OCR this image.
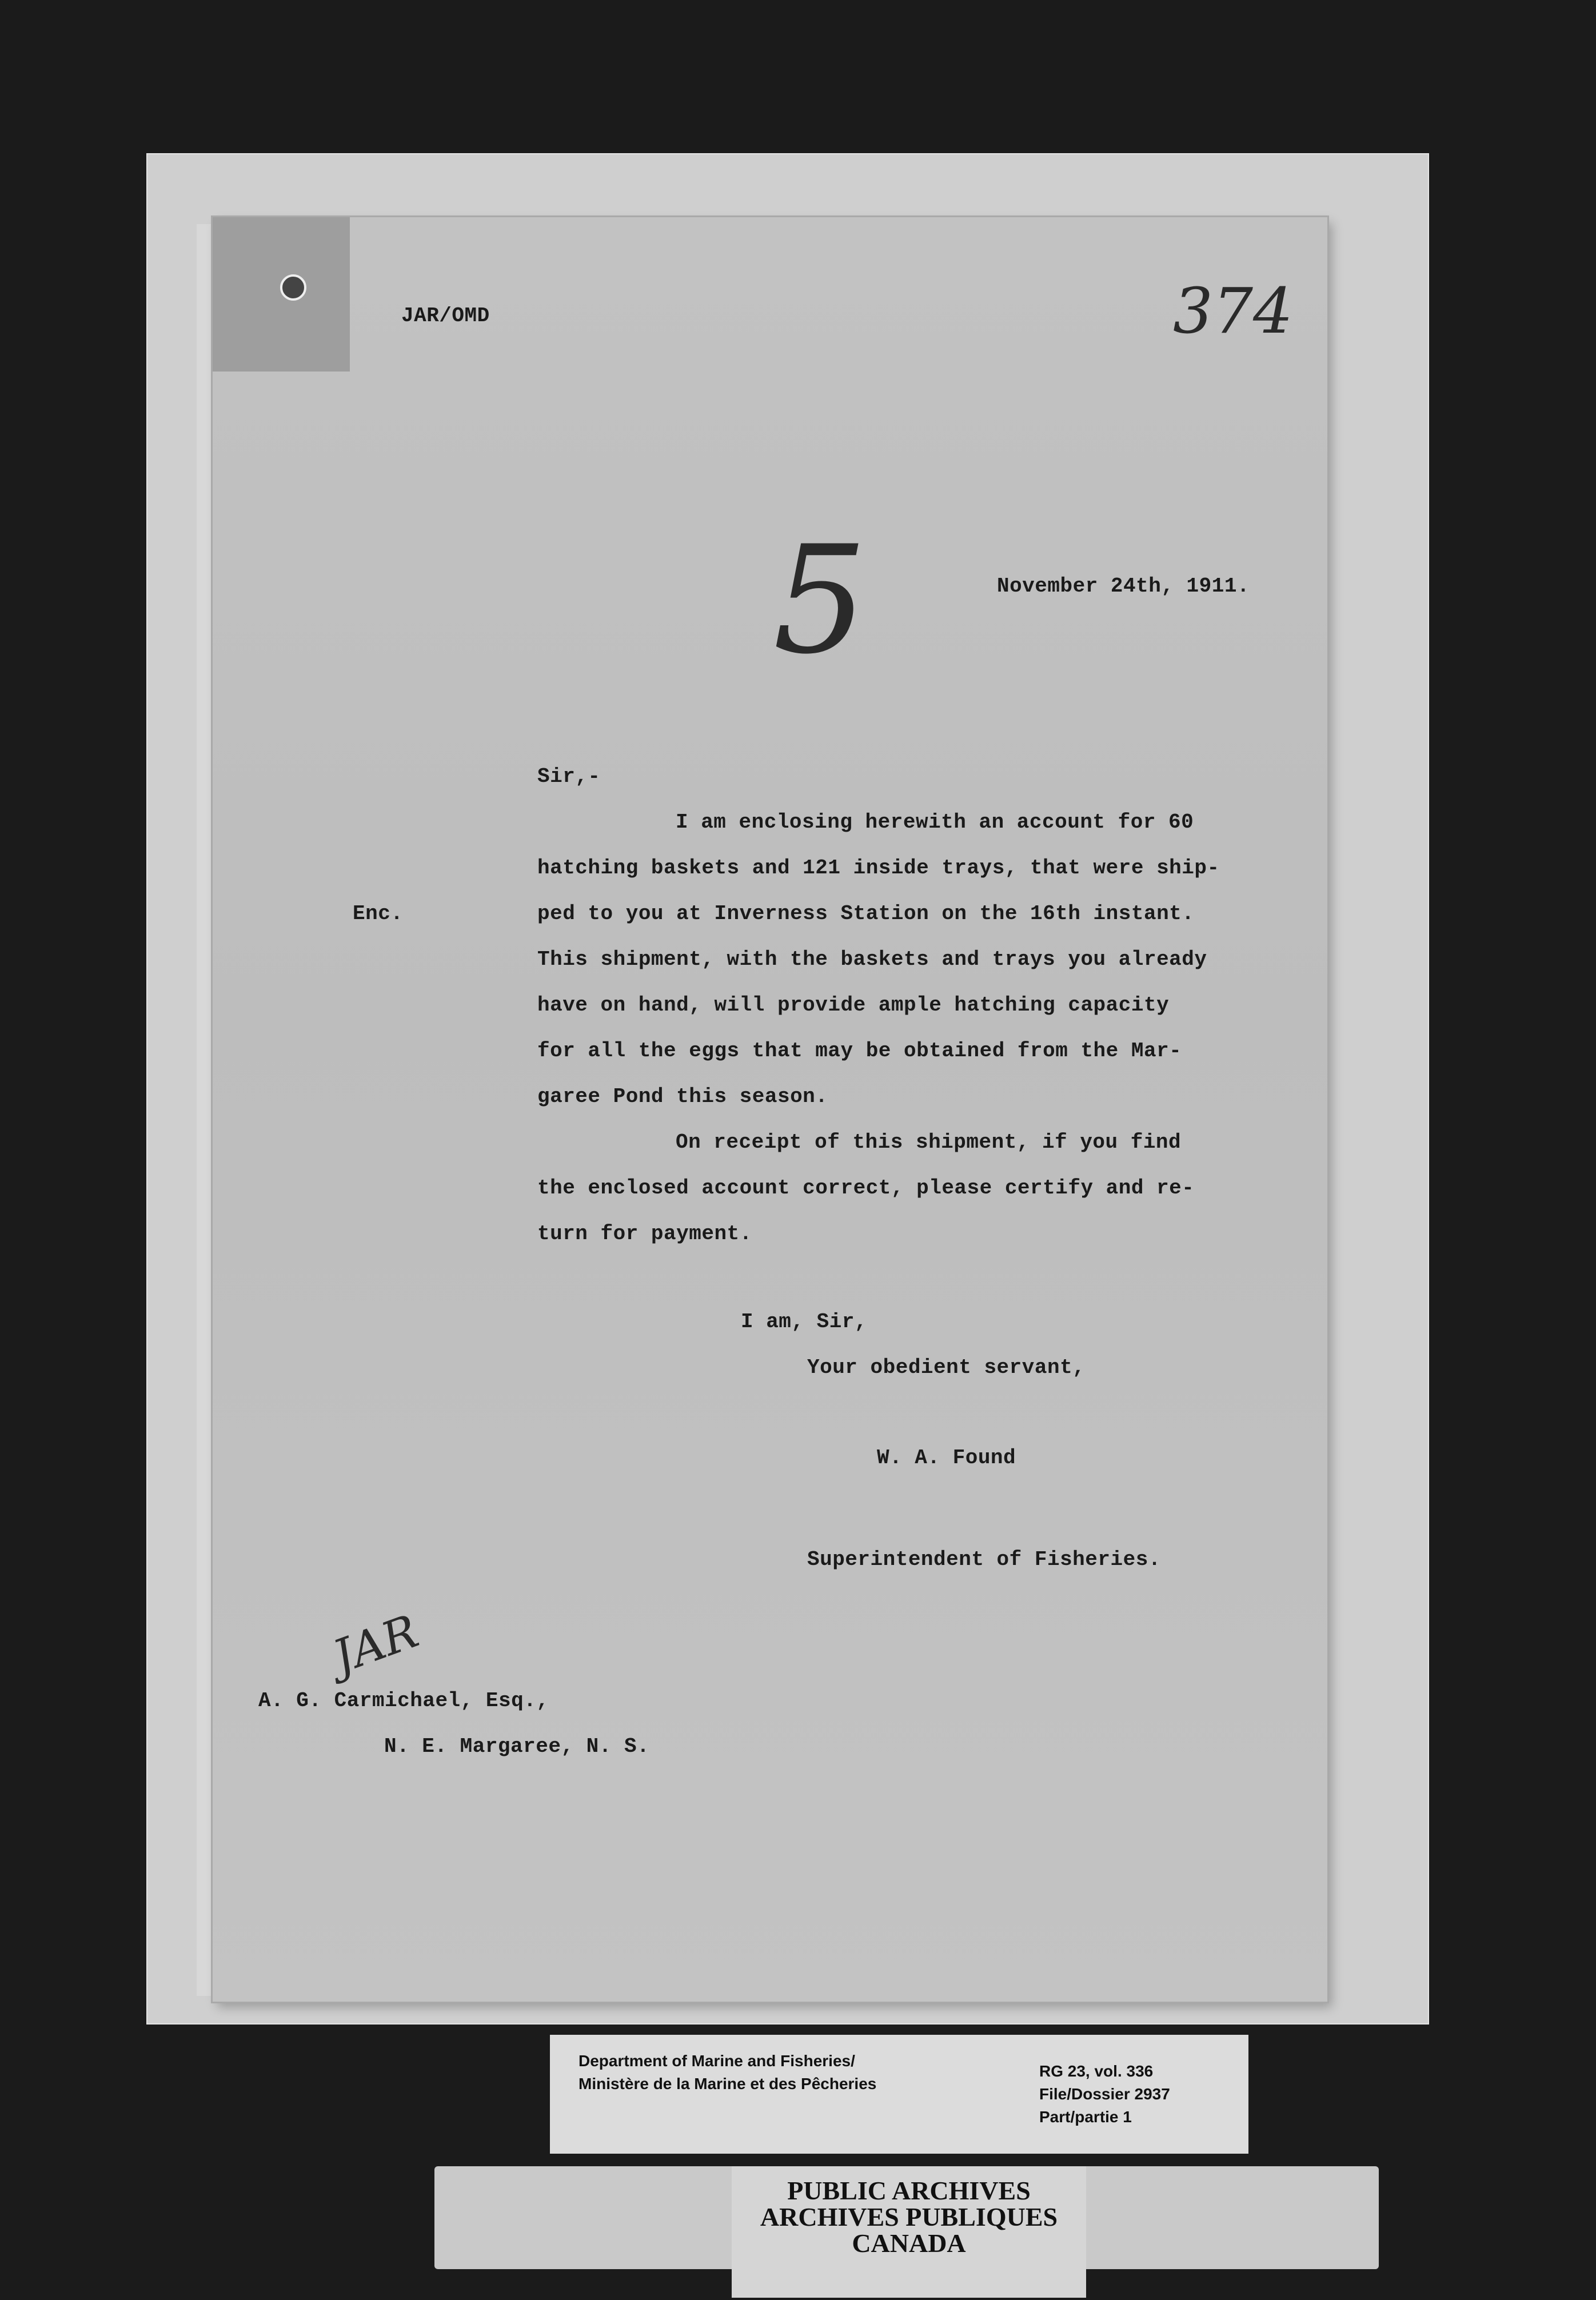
JAR/OMD	374
5	November 24th, 1911.
Sir,-
Enc.
I am enclosing herewith an account for 60
hatching baskets and 121 inside trays, that were ship-
ped to you at Inverness Station on the 16th instant.
This shipment, with the baskets and trays you already
have on hand, will provide ample hatching capacity
for all the eggs that may be obtained from the Mar-
garee Pond this season.
On receipt of this shipment, if you find
the enclosed account correct, please certify and re-
turn for payment.
I am, Sir,
Your obedient servant,
W. A. Found
Superintendent of Fisheries.
JAR
A. G. Carmichael, Esq.,
N. E. Margaree, N. S.
Department of Marine and Fisheries/
Ministère de la Marine et des Pêcheries
RG 23, vol. 336
File/Dossier 2937
Part/partie 1
PUBLIC ARCHIVES
ARCHIVES PUBLIQUES
CANADA
